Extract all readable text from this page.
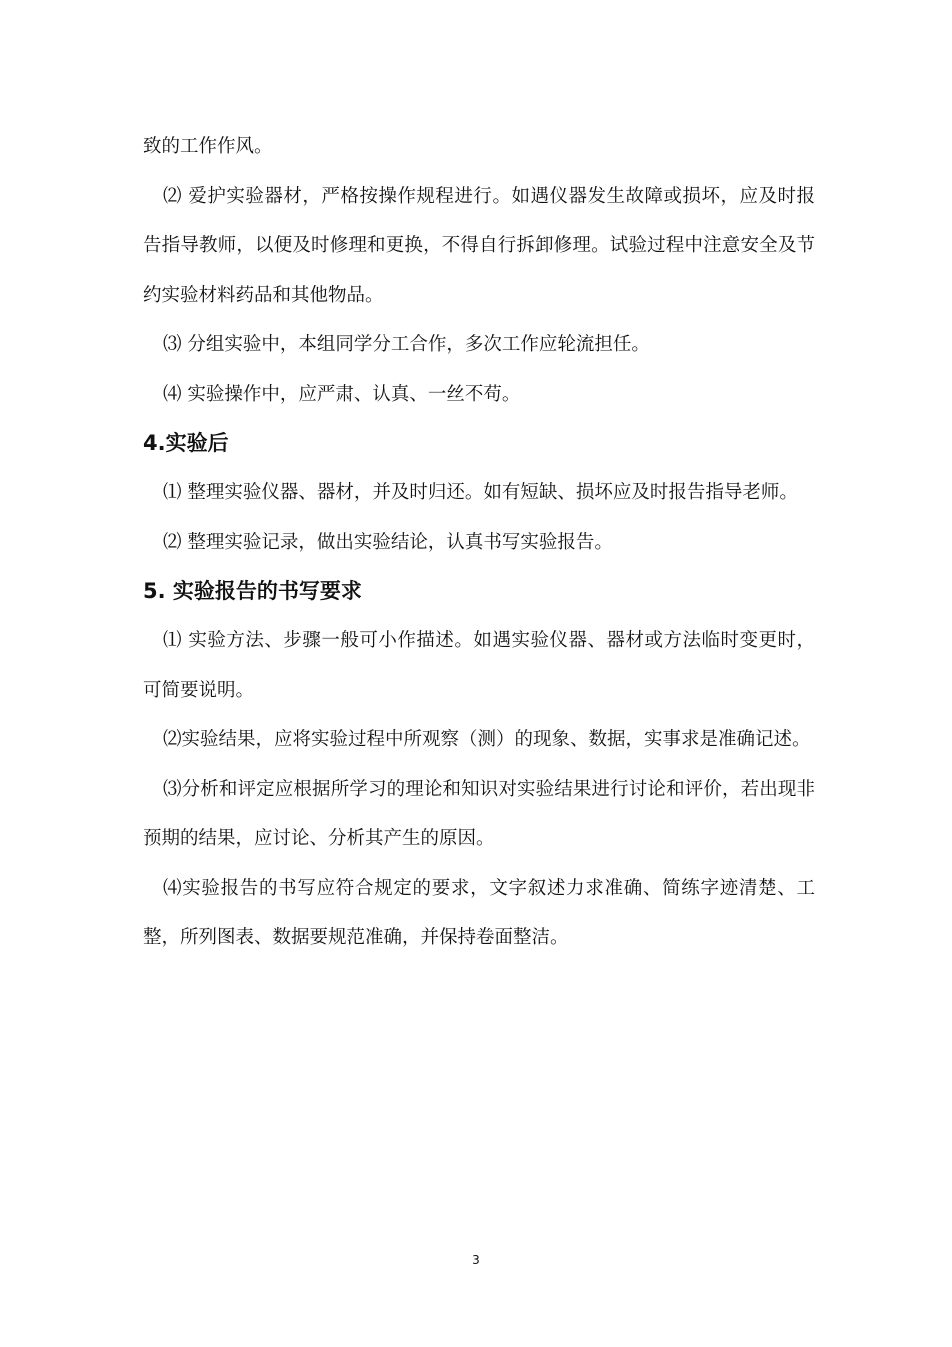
致的工作作风。

⑵ 爱护实验器材，严格按操作规程进行。如遇仪器发生故障或损坏，应及时报告指导教师，以便及时修理和更换，不得自行拆卸修理。试验过程中注意安全及节约实验材料药品和其他物品。

⑶ 分组实验中，本组同学分工合作，多次工作应轮流担任。

⑷ 实验操作中，应严肃、认真、一丝不苟。

4.实验后

⑴ 整理实验仪器、器材，并及时归还。如有短缺、损坏应及时报告指导老师。

⑵ 整理实验记录，做出实验结论，认真书写实验报告。

5. 实验报告的书写要求

⑴ 实验方法、步骤一般可小作描述。如遇实验仪器、器材或方法临时变更时，可简要说明。

⑵实验结果，应将实验过程中所观察（测）的现象、数据，实事求是准确记述。

⑶分析和评定应根据所学习的理论和知识对实验结果进行讨论和评价，若出现非预期的结果，应讨论、分析其产生的原因。

⑷实验报告的书写应符合规定的要求，文字叙述力求准确、简练字迹清楚、工整，所列图表、数据要规范准确，并保持卷面整洁。

3
